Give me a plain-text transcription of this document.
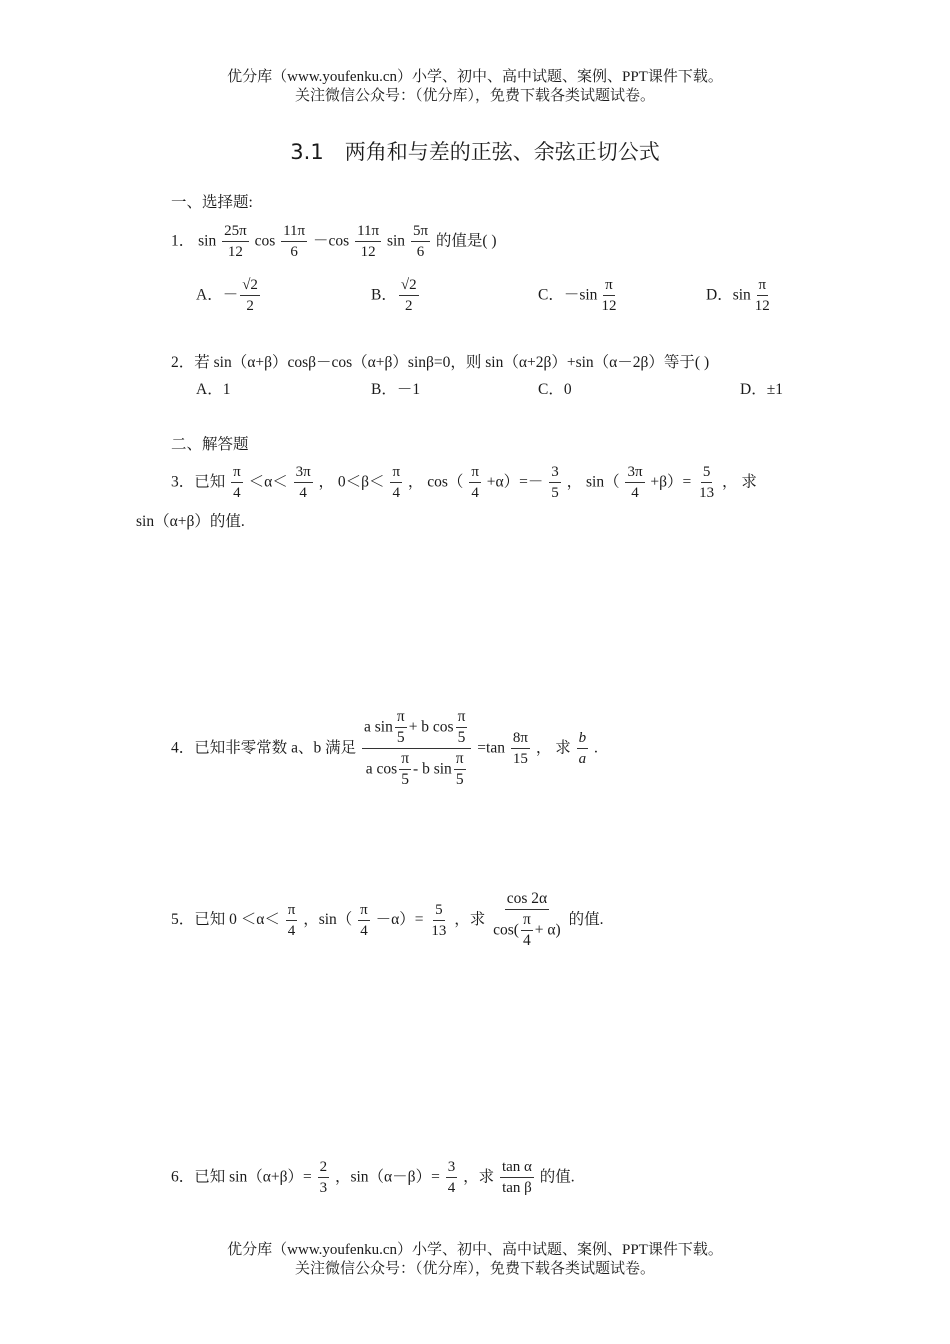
优分库（www.youfenku.cn）小学、初中、高中试题、案例、PPT课件下载。
关注微信公众号：（优分库），免费下载各类试题试卷。
3.1　两角和与差的正弦、余弦正切公式
一、选择题:
1． $\sin \frac{25\pi}{12}$ $\cos \frac{11\pi}{6} -\cos \frac{11\pi}{12}$ $\sin \frac{5\pi}{6}$ 的值是( )
A．－ $\frac{√2}{2}$	B． $\frac{√2}{2}$	C．$-\sin \frac{\pi}{12}$	D．$\sin \frac{\pi}{12}$
2．若 sin（α+β）cosβ－cos（α+β）sinβ=0，则 sin（α+2β）+sin（α－2β）等于( )
A．1	B．－1	C．0	D．±1
二、解答题
3．已知 $\frac{\pi}{4} <\alpha< \frac{3\pi}{4}$ ， $0<\beta< \frac{\pi}{4}$ ， $\cos( \frac{\pi}{4} +\alpha)=- \frac{3}{5}$ ， $\sin( \frac{3\pi}{4} +\beta)= \frac{5}{13}$ ， 求
sin（α+β）的值.
4．已知非零常数 a、b 满足 $\frac{a \sin \frac{\pi}{5} + b \cos \frac{\pi}{5}}{a \cos \frac{\pi}{5} - b \sin \frac{\pi}{5}} =\tan \frac{8\pi}{15}$ ， 求 $\frac{b}{a}$ .
5．已知 $0 <\alpha< \frac{\pi}{4}$ ，$\sin( \frac{\pi}{4} -\alpha)= \frac{5}{13}$ ，求 $\frac{\cos 2\alpha}{\cos( \frac{\pi}{4} + \alpha)}$ 的值.
6．已知 $\sin(\alpha+\beta)= \frac{2}{3}$ ，$\sin(\alpha-\beta)= \frac{3}{4}$ ，求 $\frac{\text{tan α}}{\text{tan β}}$ 的值.
优分库（www.youfenku.cn）小学、初中、高中试题、案例、PPT课件下载。
关注微信公众号：（优分库），免费下载各类试题试卷。
